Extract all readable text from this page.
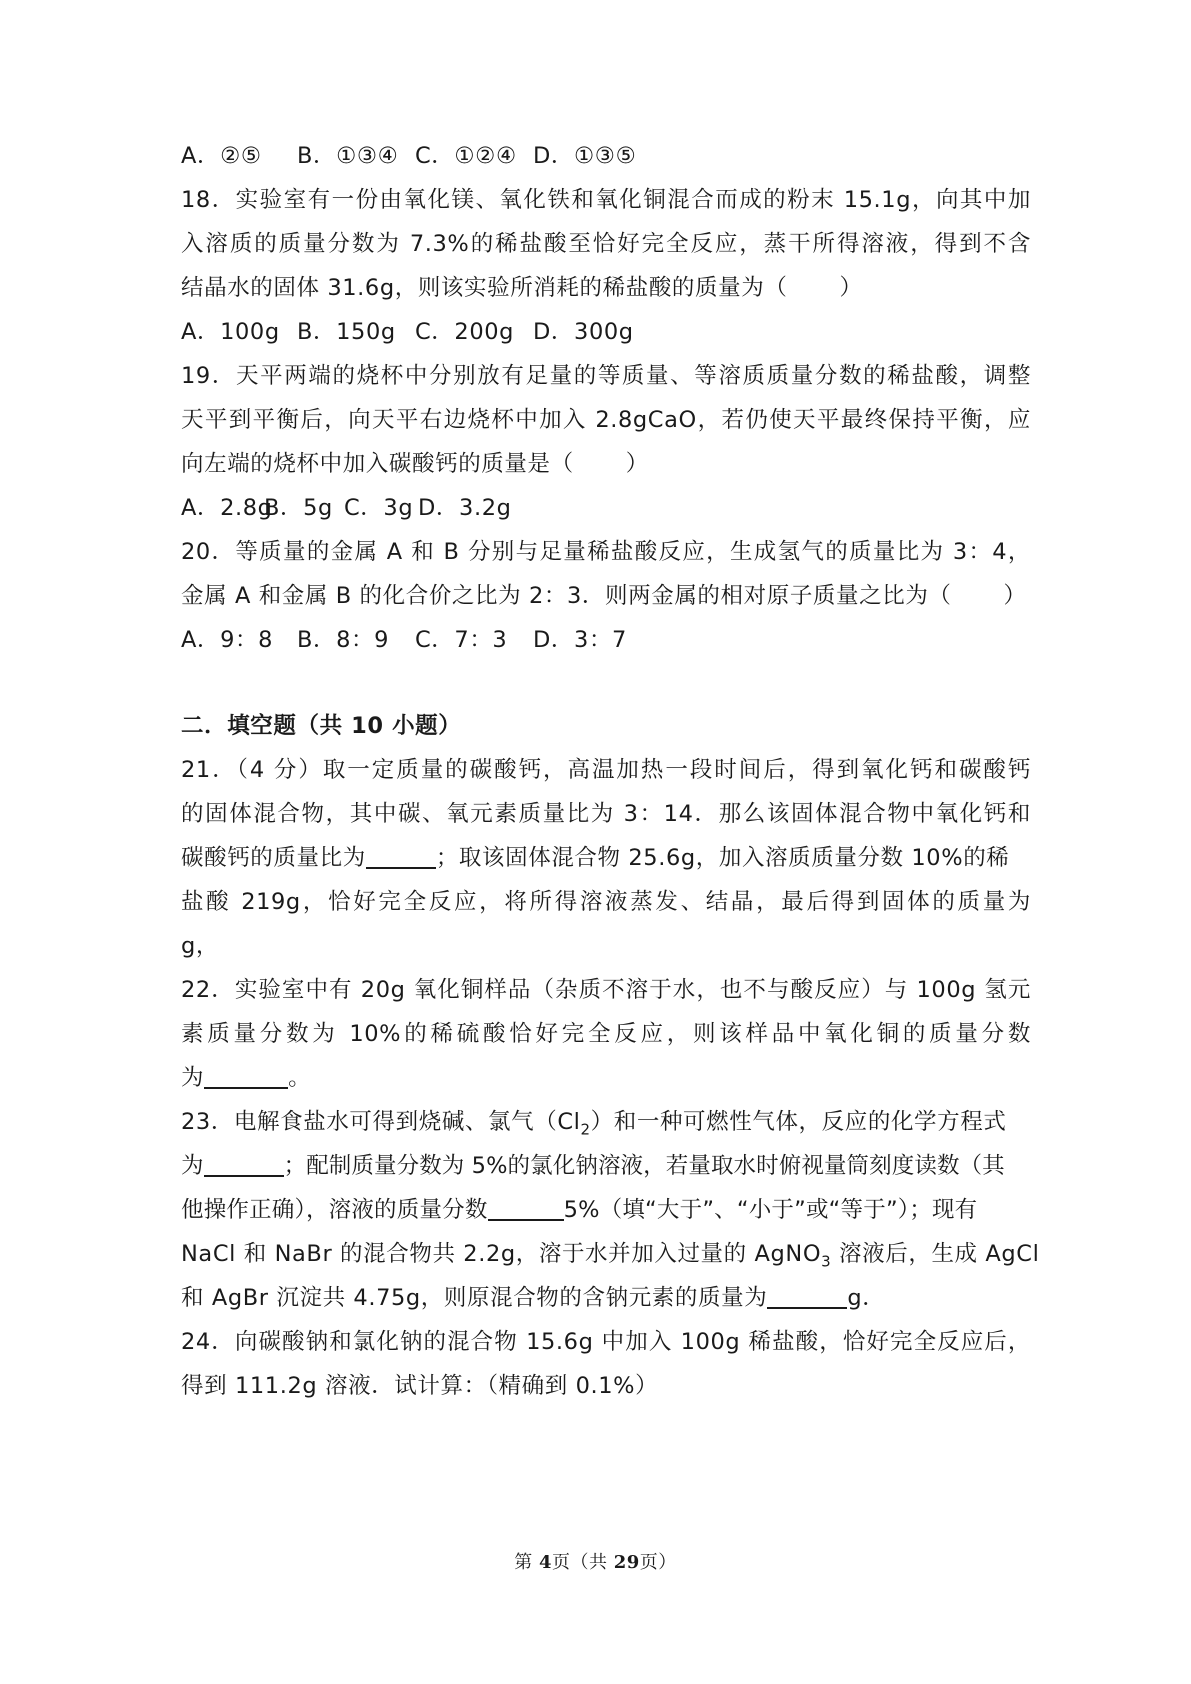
A．②⑤ B．①③④ C．①②④ D．①③⑤
18．实验室有一份由氧化镁、氧化铁和氧化铜混合而成的粉末 15.1g，向其中加
入溶质的质量分数为 7.3%的稀盐酸至恰好完全反应，蒸干所得溶液，得到不含
结晶水的固体 31.6g，则该实验所消耗的稀盐酸的质量为（ ）
A．100g B．150g C．200g D．300g
19．天平两端的烧杯中分别放有足量的等质量、等溶质质量分数的稀盐酸，调整
天平到平衡后，向天平右边烧杯中加入 2.8gCaO，若仍使天平最终保持平衡，应
向左端的烧杯中加入碳酸钙的质量是（ ）
A．2.8gB．5g C．3g D．3.2g
20．等质量的金属 A 和 B 分别与足量稀盐酸反应，生成氢气的质量比为 3：4，
金属 A 和金属 B 的化合价之比为 2：3．则两金属的相对原子质量之比为（ ）
A．9：8 B．8：9 C．7：3 D．3：7
二．填空题（共 10 小题）
21．（4 分）取一定质量的碳酸钙，高温加热一段时间后，得到氧化钙和碳酸钙
的固体混合物，其中碳、氧元素质量比为 3：14．那么该固体混合物中氧化钙和
碳酸钙的质量比为	；取该固体混合物 25.6g，加入溶质质量分数 10%的稀
盐酸 219g，恰好完全反应，将所得溶液蒸发、结晶，最后得到固体的质量为
g，
22．实验室中有 20g 氧化铜样品（杂质不溶于水，也不与酸反应）与 100g 氢元
素质量分数为 10%的稀硫酸恰好完全反应，则该样品中氧化铜的质量分数
为	。
23．电解食盐水可得到烧碱、氯气$(Cl_2)$和一种可燃性气体，反应的化学方程式
为	；配制质量分数为 5%的氯化钠溶液，若量取水时俯视量筒刻度读数（其
他操作正确），溶液的质量分数	5%（填“大于”、“小于”或“等于”）；现有
NaCl 和 NaBr 的混合物共 2.2g，溶于水并加入过量的 AgNO$_3$ 溶液后，生成 AgCl
和 AgBr 沉淀共 4.75g，则原混合物的含钠元素的质量为	g．
24．向碳酸钠和氯化钠的混合物 15.6g 中加入 100g 稀盐酸，恰好完全反应后，
得到 111.2g 溶液．试计算：（精确到 0.1%）
第 4页（共 29页）
